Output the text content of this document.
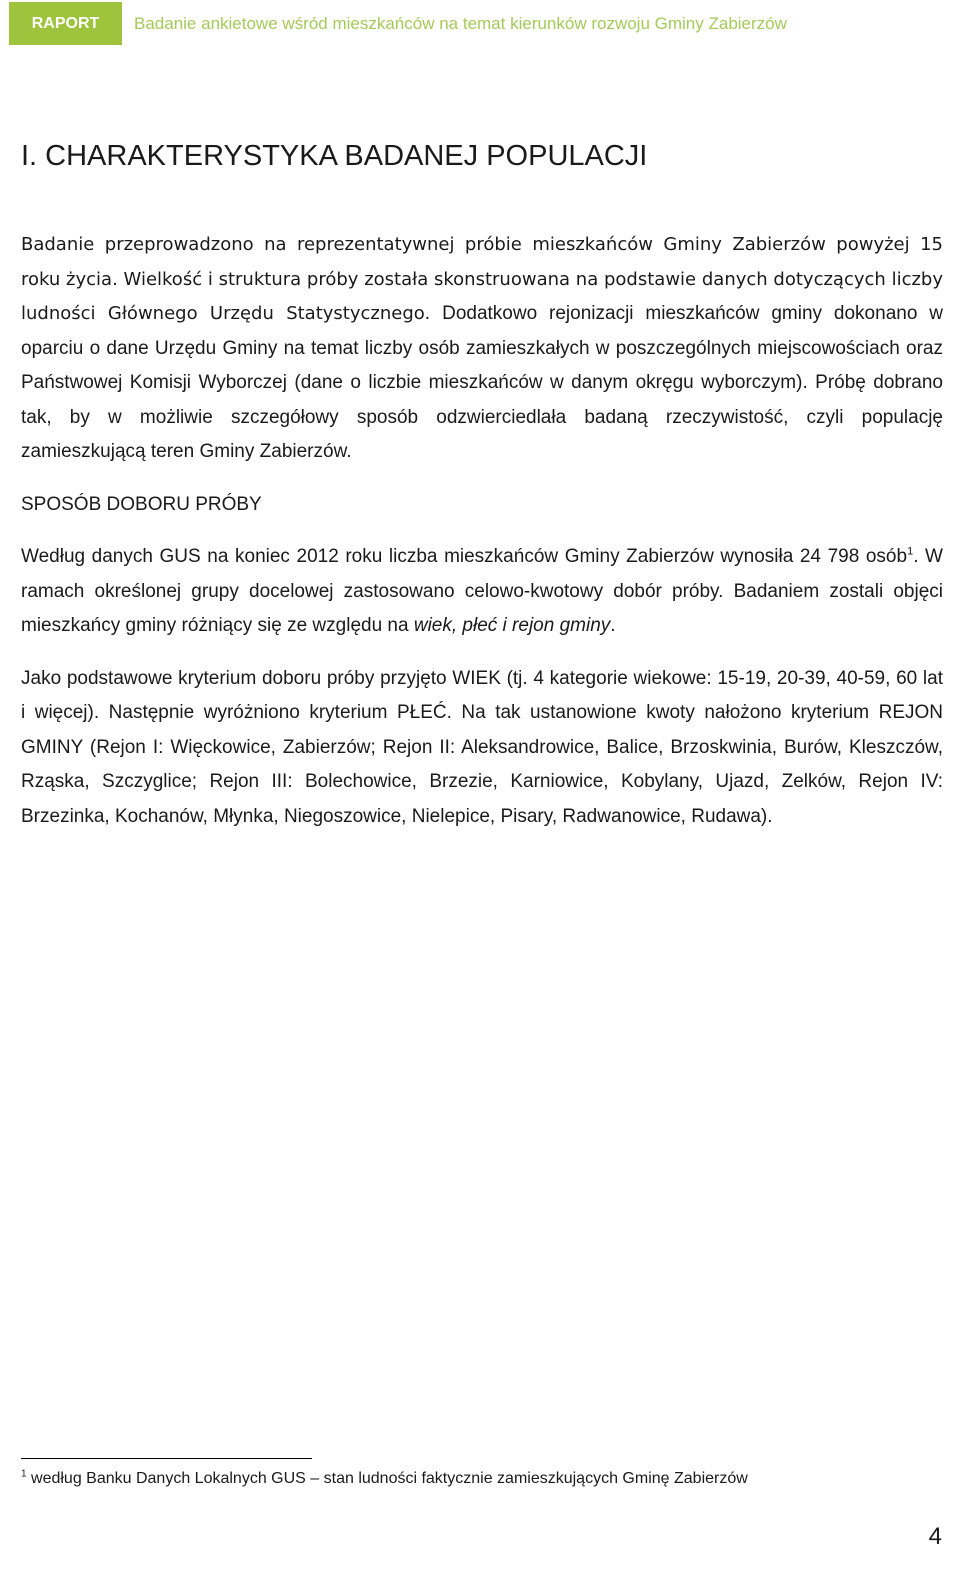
RAPORT	Badanie ankietowe wśród mieszkańców na temat kierunków rozwoju Gminy Zabierzów
I. CHARAKTERYSTYKA BADANEJ POPULACJI

Badanie przeprowadzono na reprezentatywnej próbie mieszkańców Gminy Zabierzów powyżej 15 roku życia. Wielkość i struktura próby została skonstruowana na podstawie danych dotyczących liczby ludności Głównego Urzędu Statystycznego. Dodatkowo rejonizacji mieszkańców gminy dokonano w oparciu o dane Urzędu Gminy na temat liczby osób zamieszkałych w poszczególnych miejscowościach oraz Państwowej Komisji Wyborczej (dane o liczbie mieszkańców w danym okręgu wyborczym). Próbę dobrano tak, by w możliwie szczegółowy sposób odzwierciedlała badaną rzeczywistość, czyli populację zamieszkującą teren Gminy Zabierzów.

SPOSÓB DOBORU PRÓBY

Według danych GUS na koniec 2012 roku liczba mieszkańców Gminy Zabierzów wynosiła 24 798 osób$^1$. W ramach określonej grupy docelowej zastosowano celowo-kwotowy dobór próby. Badaniem zostali objęci mieszkańcy gminy różniący się ze względu na wiek, płeć i rejon gminy.

Jako podstawowe kryterium doboru próby przyjęto WIEK (tj. 4 kategorie wiekowe: 15-19, 20-39, 40-59, 60 lat i więcej). Następnie wyróżniono kryterium PŁEĆ. Na tak ustanowione kwoty nałożono kryterium REJON GMINY (Rejon I: Więckowice, Zabierzów; Rejon II: Aleksandrowice, Balice, Brzoskwinia, Burów, Kleszczów, Rząska, Szczyglice; Rejon III: Bolechowice, Brzezie, Karniowice, Kobylany, Ujazd, Zelków, Rejon IV: Brzezinka, Kochanów, Młynka, Niegoszowice, Nielepice, Pisary, Radwanowice, Rudawa).

$^1$ według Banku Danych Lokalnych GUS – stan ludności faktycznie zamieszkujących Gminę Zabierzów
4
